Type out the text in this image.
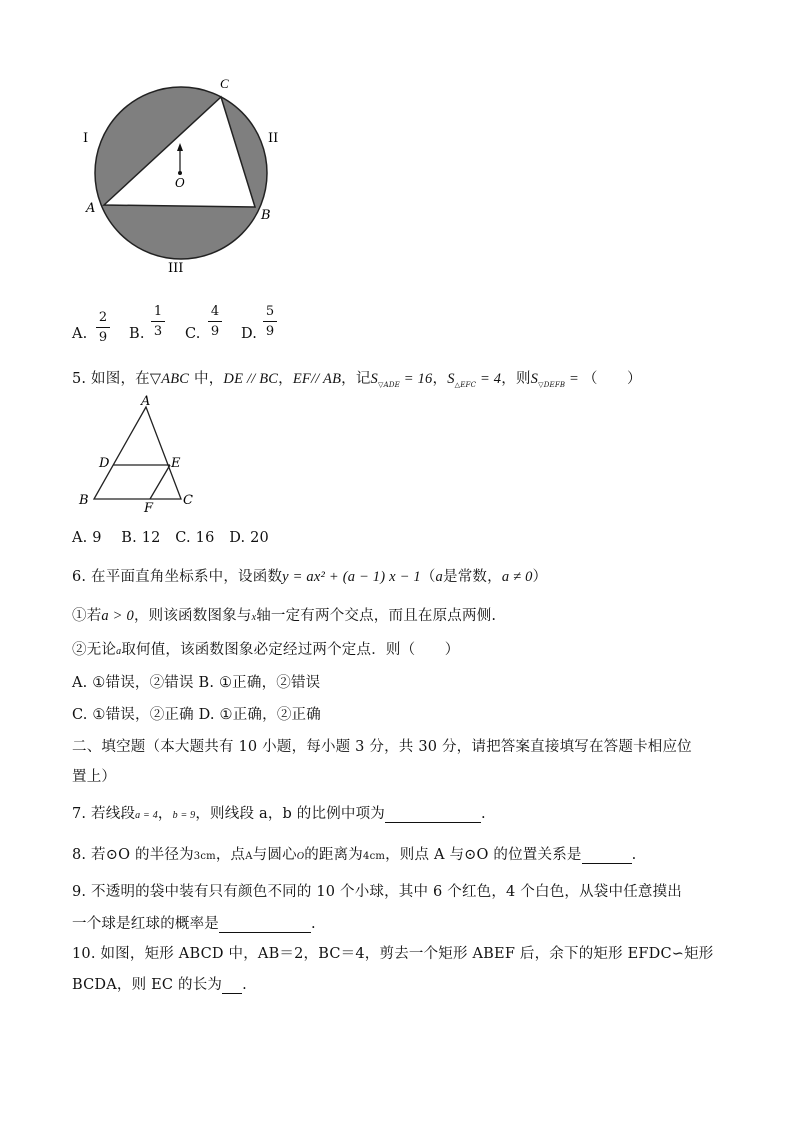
C
I	II
O
A	B
III
A.
2
9 B.
1
3 C.
4
9 D.
5
9
5. 如图，在▽ABC 中，DE // BC，EF// AB，记$S_{▽ADE} = 16$，$S_{\triangle EFC} = 4$，则$S_{▽DEFB}$ = （　　）
A
D	E
B
F
C
A. 9　 B. 12　C. 16　D. 20
6. 在平面直角坐标系中，设函数y = ax² + (a − 1) x − 1（a是常数，a ≠ 0）
①若a > 0，则该函数图象与x轴一定有两个交点，而且在原点两侧.
②无论a取何值，该函数图象必定经过两个定点．则（　　）
A. ①错误，②错误 B. ①正确，②错误
C. ①错误，②正确 D. ①正确，②正确
二、填空题（本大题共有 10 小题，每小题 3 分，共 30 分，请把答案直接填写在答题卡相应位
置上）
7. 若线段a = 4，b = 9，则线段 a，b 的比例中项为	.
8. 若⊙O 的半径为3cm，点A与圆心O的距离为4cm，则点 A 与⊙O 的位置关系是	.
9. 不透明的袋中装有只有颜色不同的 10 个小球，其中 6 个红色，4 个白色，从袋中任意摸出
一个球是红球的概率是	.
10. 如图，矩形 ABCD 中，AB＝2，BC＝4，剪去一个矩形 ABEF 后，余下的矩形 EFDC∽矩形
BCDA，则 EC 的长为 .
